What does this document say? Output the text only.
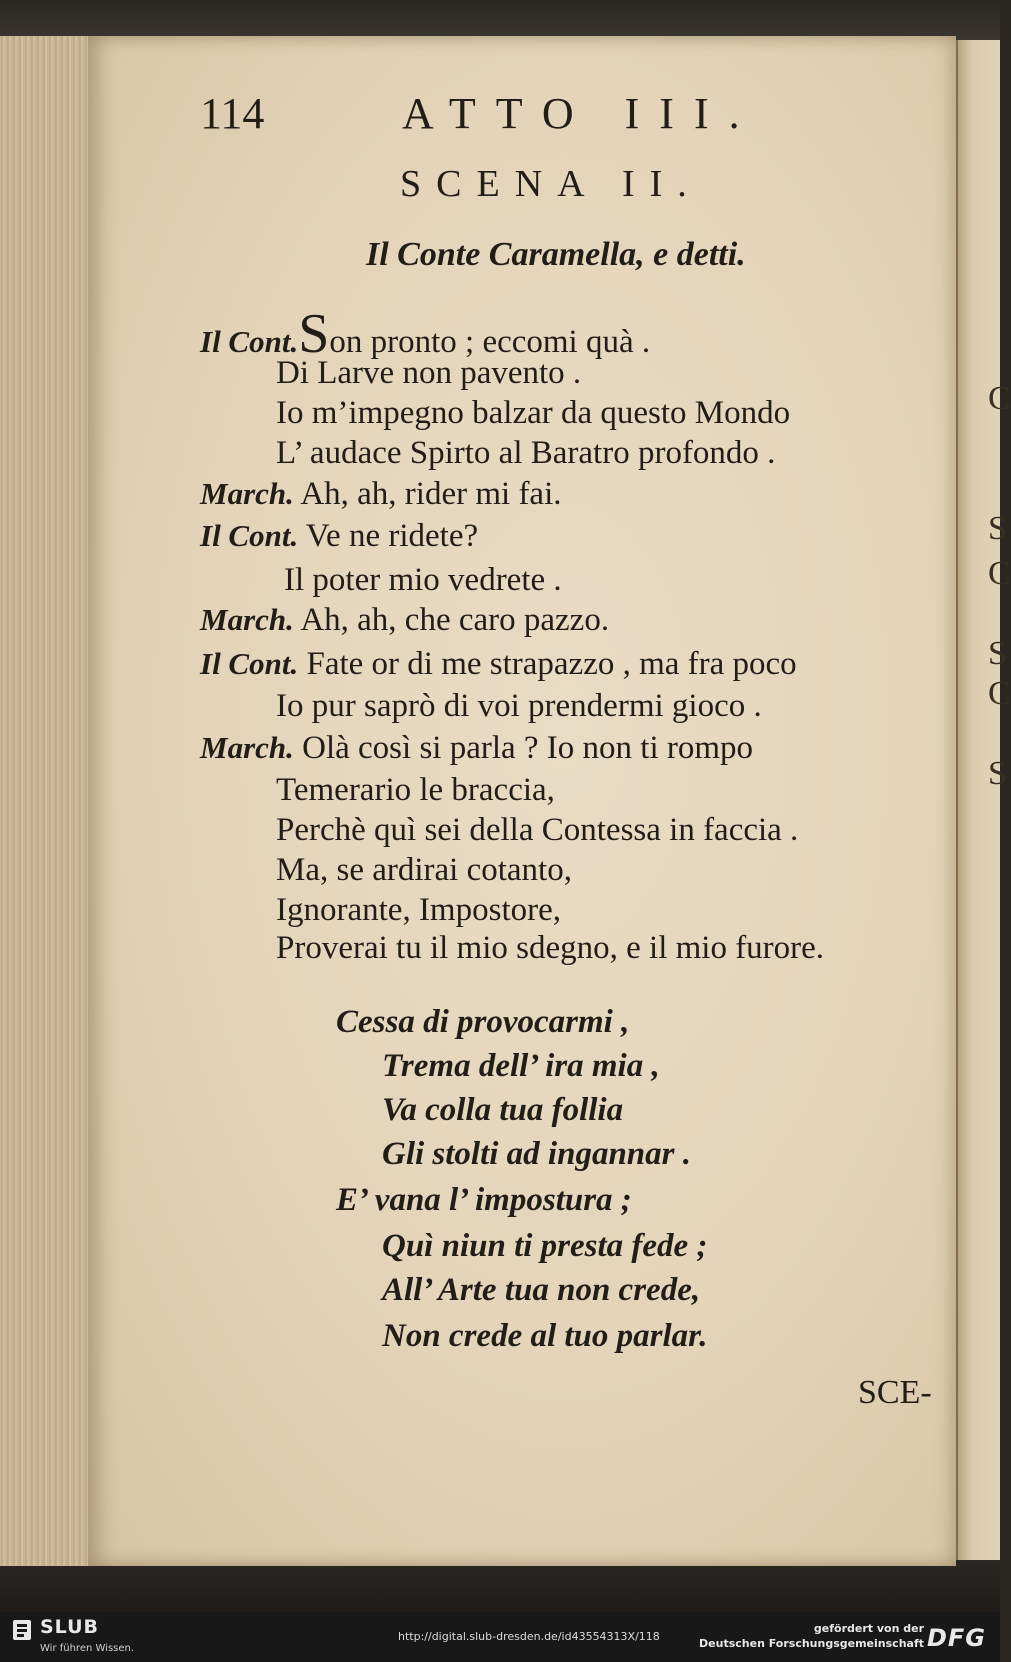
C
S
C
S
C
S
114	ATTO III.
SCENA II.
Il Conte Caramella, e detti.
Il Cont.Son pronto ; eccomi quà .
Di Larve non pavento .
Io m’impegno balzar da questo Mondo
L’ audace Spirto al Baratro profondo .
March. Ah, ah, rider mi fai.
Il Cont. Ve ne ridete?
Il poter mio vedrete .
March. Ah, ah, che caro pazzo.
Il Cont. Fate or di me strapazzo , ma fra poco
Io pur saprò di voi prendermi gioco .
March. Olà così si parla ? Io non ti rompo
Temerario le braccia,
Perchè quì sei della Contessa in faccia .
Ma, se ardirai cotanto,
Ignorante, Impostore,
Proverai tu il mio sdegno, e il mio furore.
Cessa di provocarmi ,
Trema dell’ ira mia ,
Va colla tua follia
Gli stolti ad ingannar .
E’ vana l’ impostura ;
Quì niun ti presta fede ;
All’ Arte tua non crede,
Non crede al tuo parlar.
SCE-
SLUB
Wir führen Wissen.
http://digital.slub-dresden.de/id43554313X/118
gefördert von der
Deutschen Forschungsgemeinschaft DFG
